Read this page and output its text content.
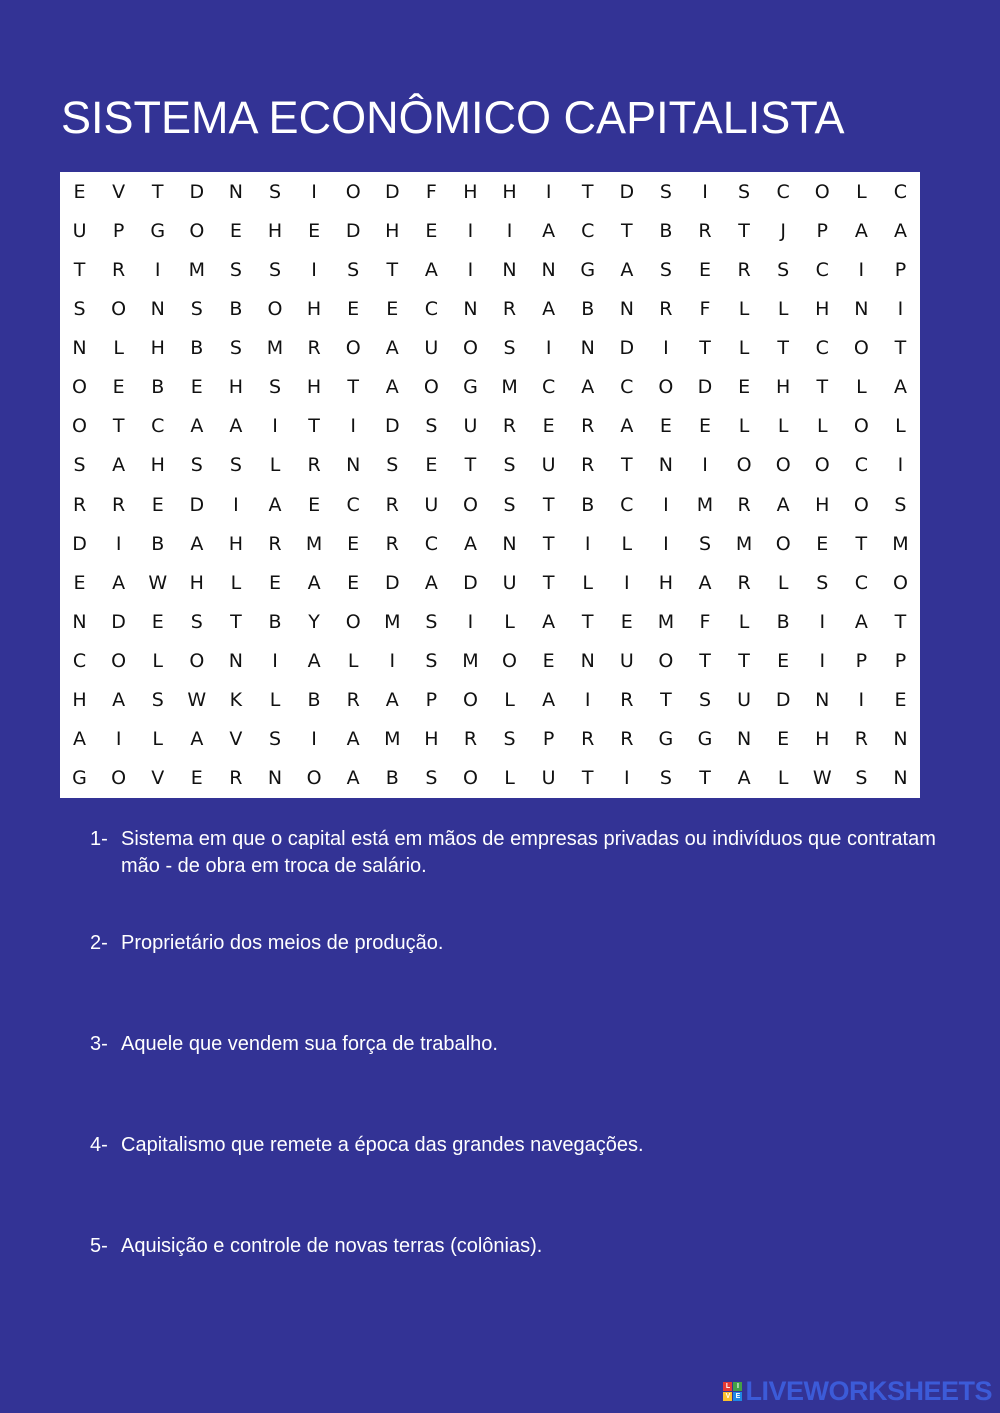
SISTEMA ECONÔMICO CAPITALISTA
E	V	T	D	N	S	I	O	D	F	H	H	I	T	D	S	I	S	C	O	L	C
U	P	G	O	E	H	E	D	H	E	I	I	A	C	T	B	R	T	J	P	A	A
T	R	I	M	S	S	I	S	T	A	I	N	N	G	A	S	E	R	S	C	I	P
S	O	N	S	B	O	H	E	E	C	N	R	A	B	N	R	F	L	L	H	N	I
N	L	H	B	S	M	R	O	A	U	O	S	I	N	D	I	T	L	T	C	O	T
O	E	B	E	H	S	H	T	A	O	G	M	C	A	C	O	D	E	H	T	L	A
O	T	C	A	A	I	T	I	D	S	U	R	E	R	A	E	E	L	L	L	O	L
S	A	H	S	S	L	R	N	S	E	T	S	U	R	T	N	I	O	O	O	C	I
R	R	E	D	I	A	E	C	R	U	O	S	T	B	C	I	M	R	A	H	O	S
D	I	B	A	H	R	M	E	R	C	A	N	T	I	L	I	S	M	O	E	T	M
E	A	W	H	L	E	A	E	D	A	D	U	T	L	I	H	A	R	L	S	C	O
N	D	E	S	T	B	Y	O	M	S	I	L	A	T	E	M	F	L	B	I	A	T
C	O	L	O	N	I	A	L	I	S	M	O	E	N	U	O	T	T	E	I	P	P
H	A	S	W	K	L	B	R	A	P	O	L	A	I	R	T	S	U	D	N	I	E
A	I	L	A	V	S	I	A	M	H	R	S	P	R	R	G	G	N	E	H	R	N
G	O	V	E	R	N	O	A	B	S	O	L	U	T	I	S	T	A	L	W	S	N
1- Sistema em que o capital está em mãos de empresas privadas ou indivíduos que contratam mão - de obra em troca de salário.
2- Proprietário dos meios de produção.
3- Aquele que vendem sua força de trabalho.
4- Capitalismo que remete a época das grandes navegações.
5- Aquisição e controle de novas terras (colônias).
L I
V E LIVEWORKSHEETS
